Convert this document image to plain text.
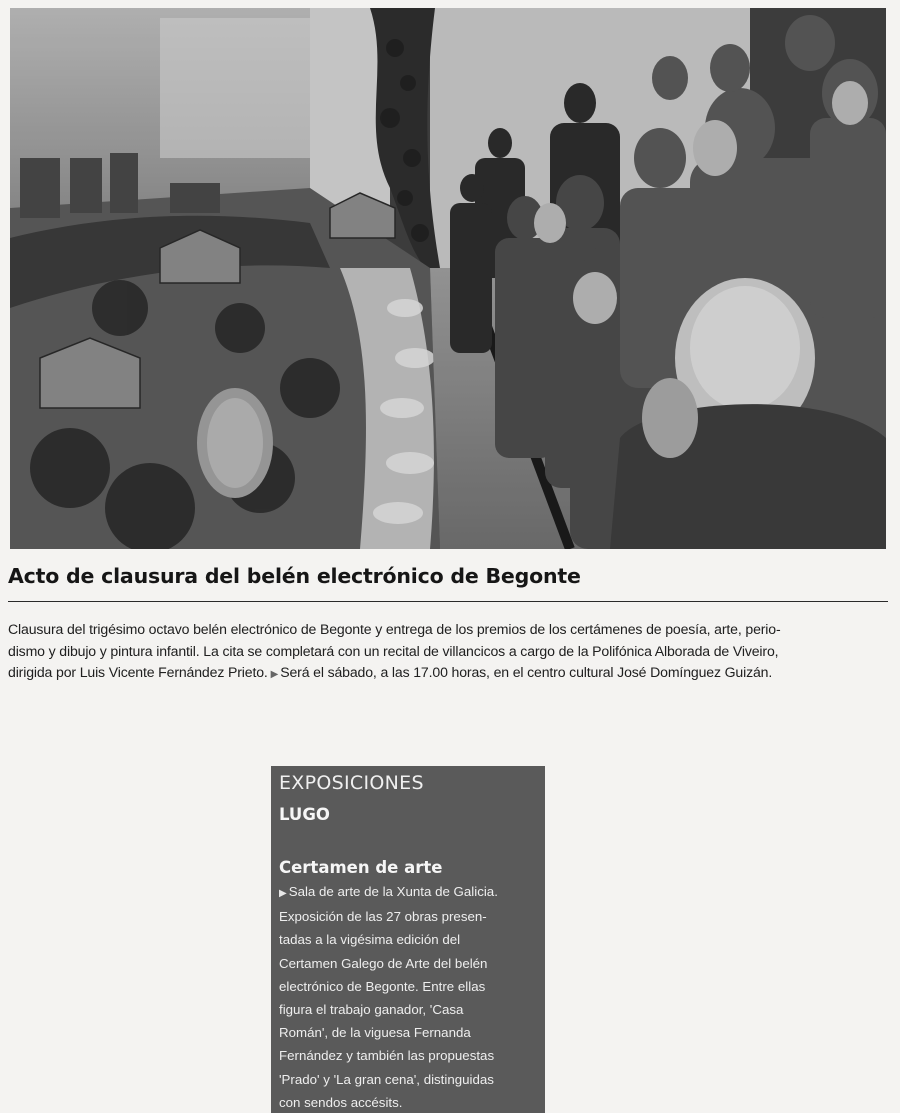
Acto de clausura del belén electrónico de Begonte

Clausura del trigésimo octavo belén electrónico de Begonte y entrega de los premios de los certámenes de poesía, arte, perio-
dismo y dibujo y pintura infantil. La cita se completará con un recital de villancicos a cargo de la Polifónica Alborada de Viveiro,
dirigida por Luis Vicente Fernández Prieto. ▶ Será el sábado, a las 17.00 horas, en el centro cultural José Domínguez Guizán.

EXPOSICIONES
LUGO
Certamen de arte

▶ Sala de arte de la Xunta de Galicia.
Exposición de las 27 obras presen-
tadas a la vigésima edición del
Certamen Galego de Arte del belén
electrónico de Begonte. Entre ellas
figura el trabajo ganador, 'Casa
Román', de la viguesa Fernanda
Fernández y también las propuestas
'Prado' y 'La gran cena', distinguidas
con sendos accésits.
